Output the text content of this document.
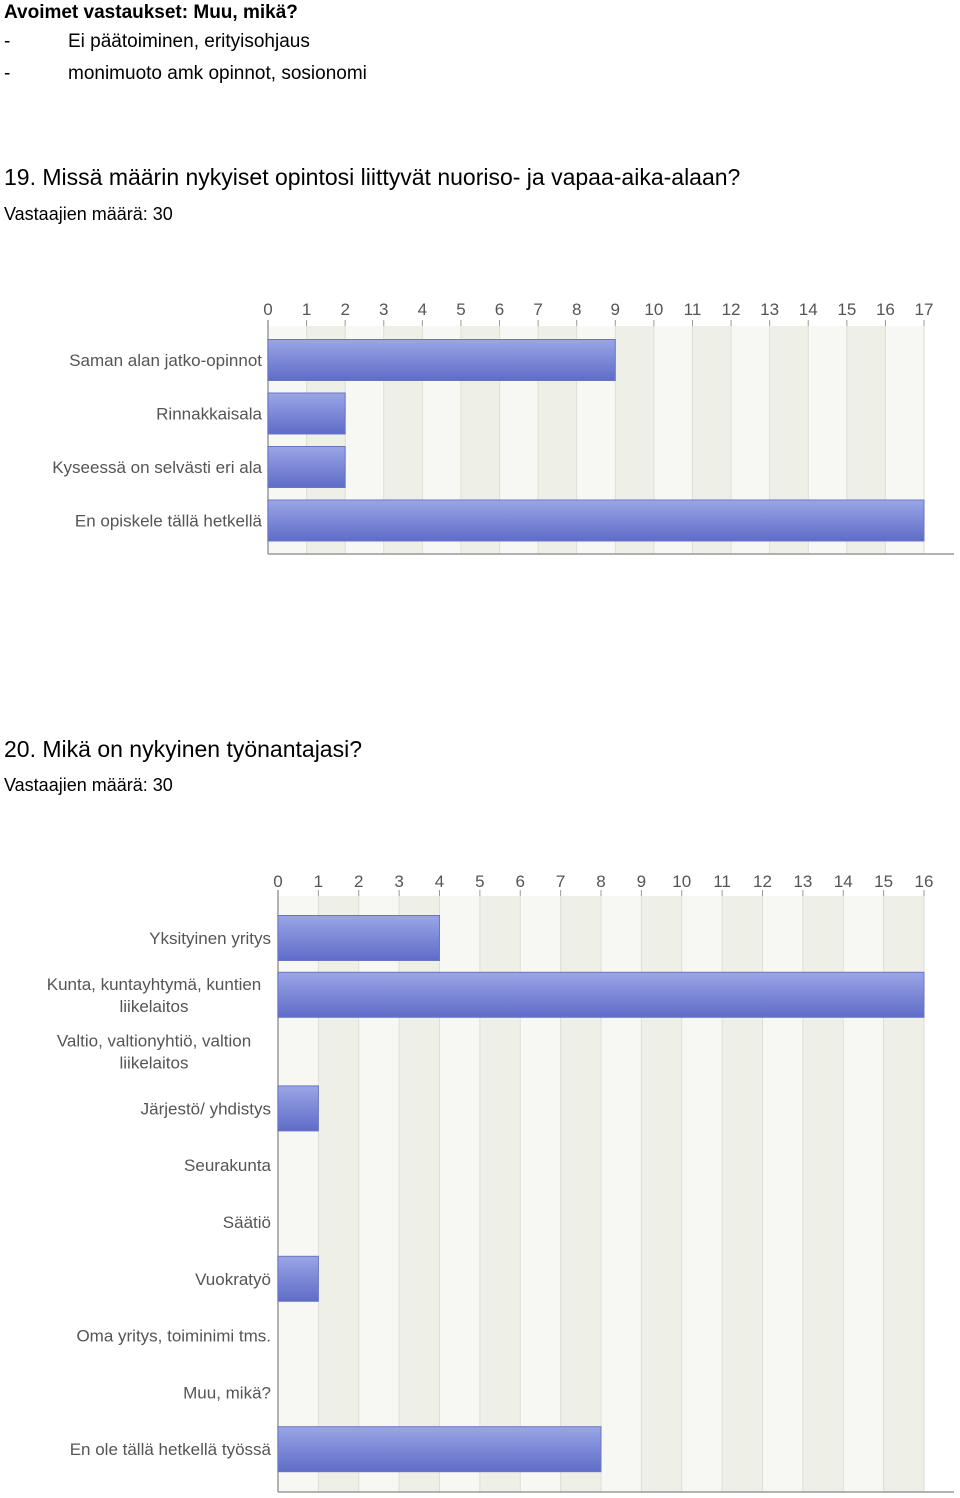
Avoimet vastaukset: Muu, mikä?
-	Ei päätoiminen, erityisohjaus
-	monimuoto amk opinnot, sosionomi
19. Missä määrin nykyiset opintosi liittyvät nuoriso- ja vapaa-aika-alaan?
Vastaajien määrä: 30
0 1 2 3 4 5 6 7 8 9 10 11 12 13 14 15 16 17
Saman alan jatko-opinnot
Rinnakkaisala
Kyseessä on selvästi eri ala
En opiskele tällä hetkellä
20. Mikä on nykyinen työnantajasi?
Vastaajien määrä: 30
0 1 2 3 4 5 6 7 8 9 10 11 12 13 14 15 16
Yksityinen yritys
Kunta, kuntayhtymä, kuntien
liikelaitos
Valtio, valtionyhtiö, valtion
liikelaitos
Järjestö/ yhdistys
Seurakunta
Säätiö
Vuokratyö
Oma yritys, toiminimi tms.
Muu, mikä?
En ole tällä hetkellä työssä
